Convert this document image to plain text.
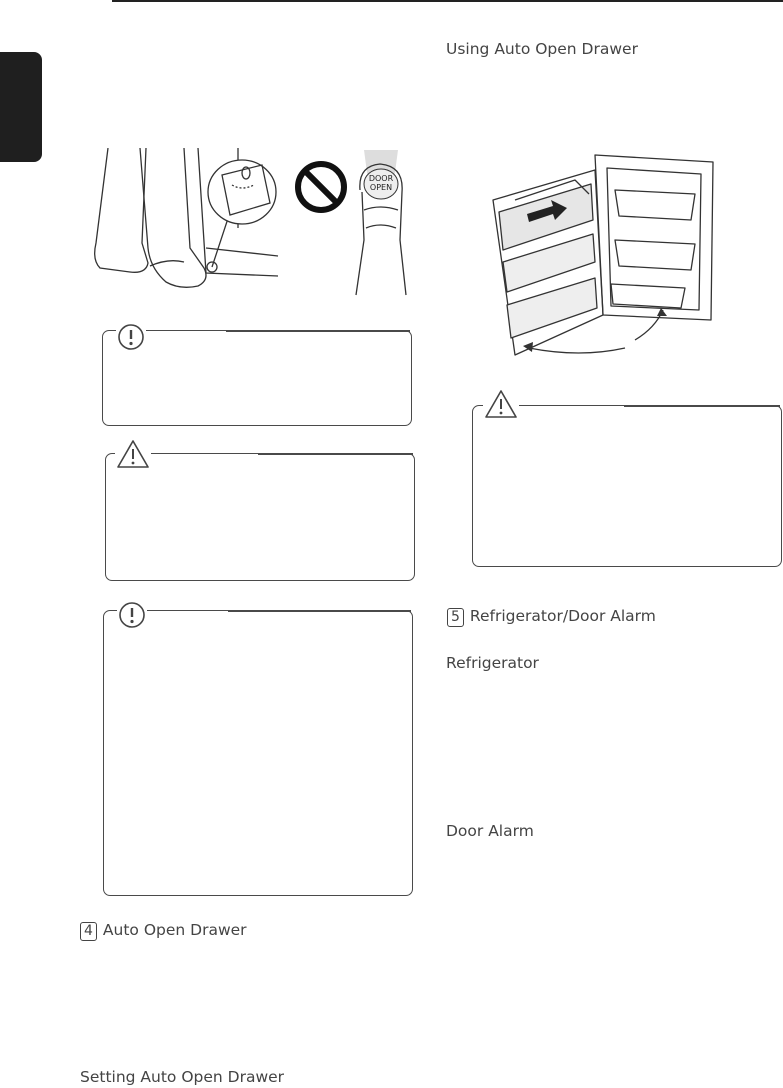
DOOR
OPEN
4 Auto Open Drawer
Setting Auto Open Drawer
Using Auto Open Drawer
5 Refrigerator/Door Alarm
Refrigerator
Door Alarm
